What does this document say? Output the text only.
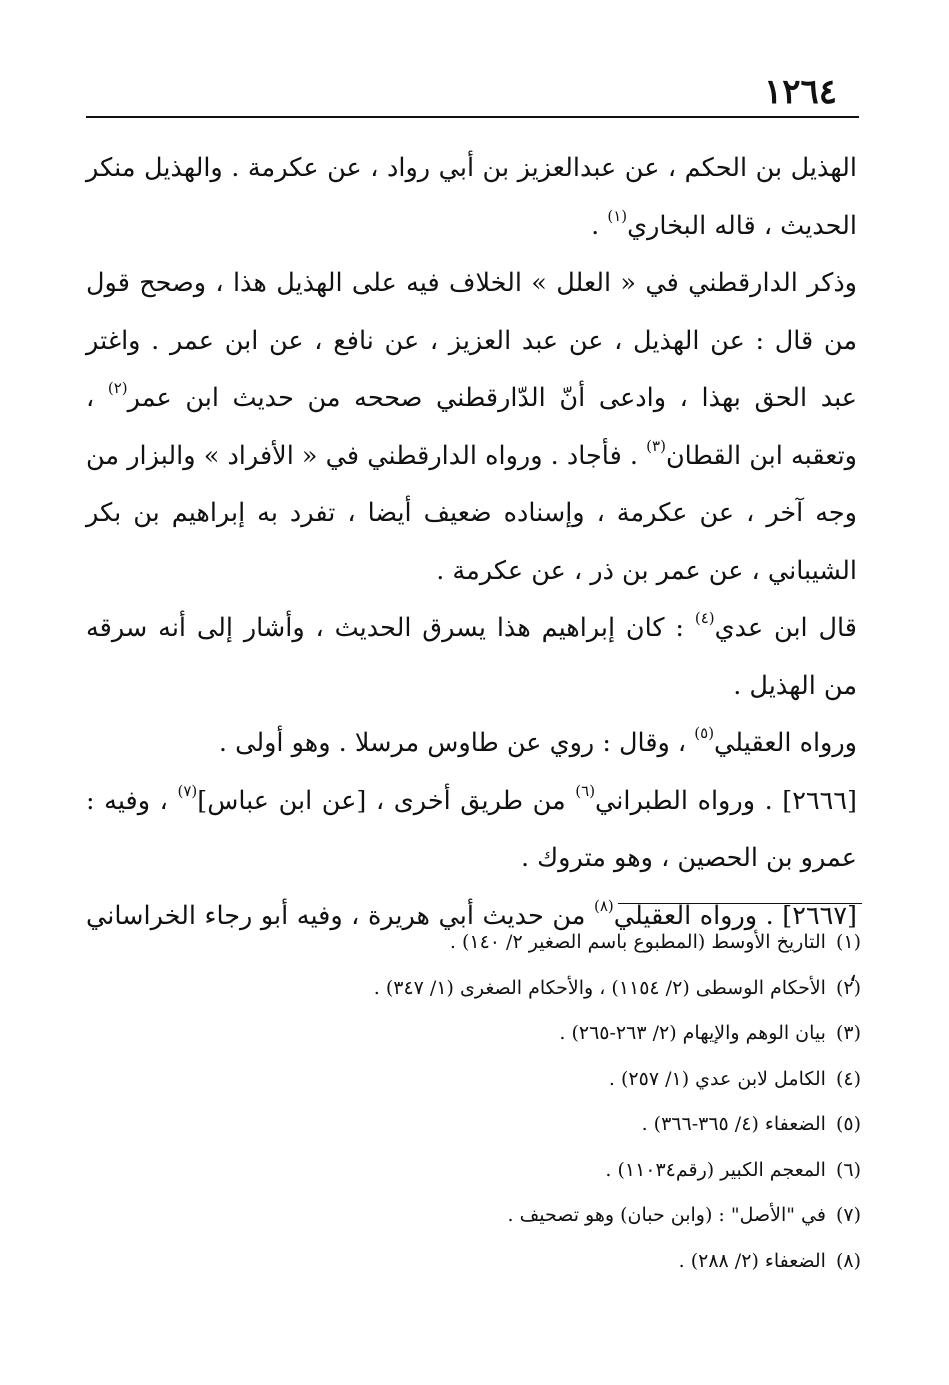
١٢٦٤

الهذيل بن الحكم ، عن عبدالعزيز بن أبي رواد ، عن عكرمة . والهذيل منكر الحديث ، قاله البخاري$^{(١)}$ .

وذكر الدارقطني في « العلل » الخلاف فيه على الهذيل هذا ، وصحح قول من قال : عن الهذيل ، عن عبد العزيز ، عن نافع ، عن ابن عمر . واغتر عبد الحق بهذا ، وادعى أنّ الدّارقطني صححه من حديث ابن عمر$^{(٢)}$ ، وتعقبه ابن القطان$^{(٣)}$ . فأجاد . ورواه الدارقطني في « الأفراد » والبزار من وجه آخر ، عن عكرمة ، وإسناده ضعيف أيضا ، تفرد به إبراهيم بن بكر الشيباني ، عن عمر بن ذر ، عن عكرمة .

قال ابن عدي$^{(٤)}$ : كان إبراهيم هذا يسرق الحديث ، وأشار إلى أنه سرقه من الهذيل .

ورواه العقيلي$^{(٥)}$ ، وقال : روي عن طاوس مرسلا . وهو أولى .

[٢٦٦٦] . ورواه الطبراني$^{(٦)}$ من طريق أخرى ، [عن ابن عباس]$^{(٧)}$ ، وفيه : عمرو بن الحصين ، وهو متروك .

[٢٦٦٧] . ورواه العقيلي$^{(٨)}$ من حديث أبي هريرة ، وفيه أبو رجاء الخراساني ،

(١)التاريخ الأوسط (المطبوع باسم الصغير ٢/ ١٤٠) .
(٢)الأحكام الوسطى (٢/ ١١٥٤) ، والأحكام الصغرى (١/ ٣٤٧) .
(٣)بيان الوهم والإيهام (٢/ ٢٦٣-٢٦٥) .
(٤)الكامل لابن عدي (١/ ٢٥٧) .
(٥)الضعفاء (٤/ ٣٦٥-٣٦٦) .
(٦)المعجم الكبير (رقم١١٠٣٤) .
(٧)في "الأصل" : (وابن حبان) وهو تصحيف .
(٨)الضعفاء (٢/ ٢٨٨) .
